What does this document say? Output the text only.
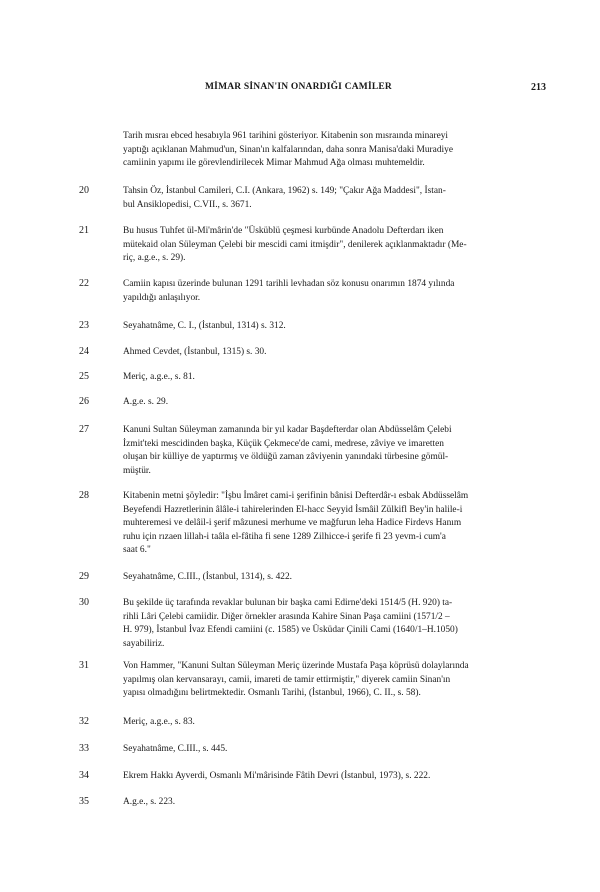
MİMAR SİNAN'IN ONARDIĞI CAMİLER	213
Tarih mısraı ebced hesabıyla 961 tarihini gösteriyor. Kitabenin son mısraında minareyi
yaptığı açıklanan Mahmud'un, Sinan'ın kalfalarından, daha sonra Manisa'daki Muradiye
camiinin yapımı ile görevlendirilecek Mimar Mahmud Ağa olması muhtemeldir.
20	Tahsin Öz, İstanbul Camileri, C.I. (Ankara, 1962) s. 149; "Çakır Ağa Maddesi", İstan-
bul Ansiklopedisi, C.VII., s. 3671.
21	Bu husus Tuhfet ül-Mi'mârin'de "Üsküblü çeşmesi kurbünde Anadolu Defterdarı iken
mütekaid olan Süleyman Çelebi bir mescidi cami itmişdir", denilerek açıklanmaktadır (Me-
riç, a.g.e., s. 29).
22	Camiin kapısı üzerinde bulunan 1291 tarihli levhadan söz konusu onarımın 1874 yılında
yapıldığı anlaşılıyor.
23	Seyahatnâme, C. I., (İstanbul, 1314) s. 312.
24	Ahmed Cevdet, (İstanbul, 1315) s. 30.
25	Meriç, a.g.e., s. 81.
26	A.g.e. s. 29.
27	Kanuni Sultan Süleyman zamanında bir yıl kadar Başdefterdar olan Abdüsselâm Çelebi
İzmit'teki mescidinden başka, Küçük Çekmece'de cami, medrese, zâviye ve imaretten
oluşan bir külliye de yaptırmış ve öldüğü zaman zâviyenin yanındaki türbesine gömül-
müştür.
28	Kitabenin metni şöyledir: "İşbu İmâret cami-i şerifinin bânisi Defterdâr-ı esbak Abdüsselâm
Beyefendi Hazretlerinin âlâle-i tahirelerinden El-hacc Seyyid İsmâil Zülkifl Bey'in halile-i
muhteremesi ve delâil-i şerif mâzunesi merhume ve mağfurun leha Hadice Firdevs Hanım
ruhu için rızaen lillah-i taâla el-fâtiha fi sene 1289 Zilhicce-i şerife fi 23 yevm-i cum'a
saat 6."
29	Seyahatnâme, C.III., (İstanbul, 1314), s. 422.
30	Bu şekilde üç tarafında revaklar bulunan bir başka cami Edirne'deki 1514/5 (H. 920) ta-
rihli Lâri Çelebi camiidir. Diğer örnekler arasında Kahire Sinan Paşa camiini (1571/2 –
H. 979), İstanbul İvaz Efendi camiini (c. 1585) ve Üsküdar Çinili Cami (1640/1–H.1050)
sayabiliriz.
31	Von Hammer, "Kanuni Sultan Süleyman Meriç üzerinde Mustafa Paşa köprüsü dolaylarında
yapılmış olan kervansarayı, camii, imareti de tamir ettirmiştir," diyerek camiin Sinan'ın
yapısı olmadığını belirtmektedir. Osmanlı Tarihi, (İstanbul, 1966), C. II., s. 58).
32	Meriç, a.g.e., s. 83.
33	Seyahatnâme, C.III., s. 445.
34	Ekrem Hakkı Ayverdi, Osmanlı Mi'mârisinde Fâtih Devri (İstanbul, 1973), s. 222.
35	A.g.e., s. 223.
